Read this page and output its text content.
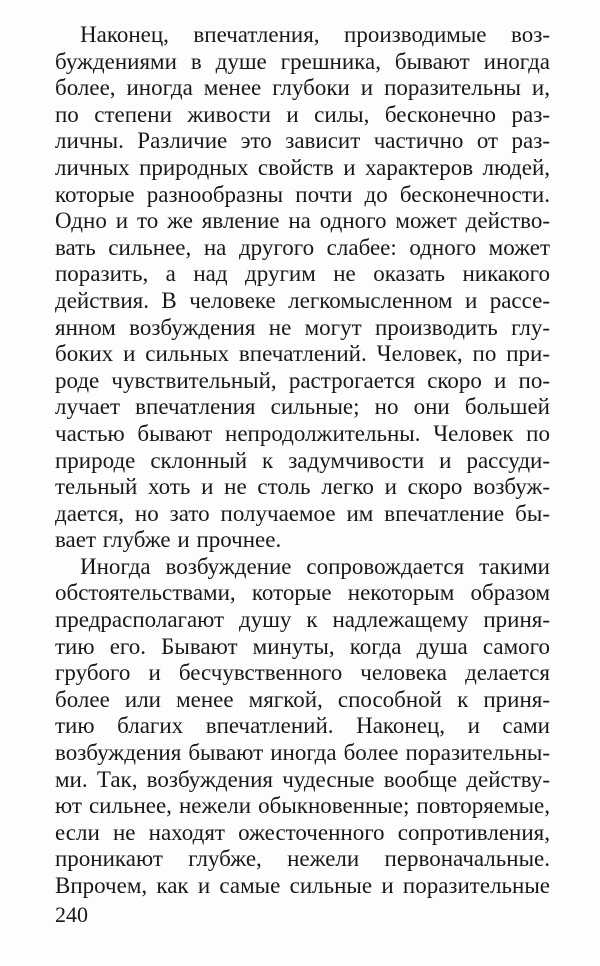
Наконец, впечатления, производимые воз-
буждениями в душе грешника, бывают иногда
более, иногда менее глубоки и поразительны и,
по степени живости и силы, бесконечно раз-
личны. Различие это зависит частично от раз-
личных природных свойств и характеров людей,
которые разнообразны почти до бесконечности.
Одно и то же явление на одного может действо-
вать сильнее, на другого слабее: одного может
поразить, а над другим не оказать никакого
действия. В человеке легкомысленном и рассе-
янном возбуждения не могут производить глу-
боких и сильных впечатлений. Человек, по при-
роде чувствительный, растрогается скоро и по-
лучает впечатления сильные; но они большей
частью бывают непродолжительны. Человек по
природе склонный к задумчивости и рассуди-
тельный хоть и не столь легко и скоро возбуж-
дается, но зато получаемое им впечатление бы-
вает глубже и прочнее.
Иногда возбуждение сопровождается такими
обстоятельствами, которые некоторым образом
предрасполагают душу к надлежащему приня-
тию его. Бывают минуты, когда душа самого
грубого и бесчувственного человека делается
более или менее мягкой, способной к приня-
тию благих впечатлений. Наконец, и сами
возбуждения бывают иногда более поразительны-
ми. Так, возбуждения чудесные вообще действу-
ют сильнее, нежели обыкновенные; повторяемые,
если не находят ожесточенного сопротивления,
проникают глубже, нежели первоначальные.
Впрочем, как и самые сильные и поразительные
240
